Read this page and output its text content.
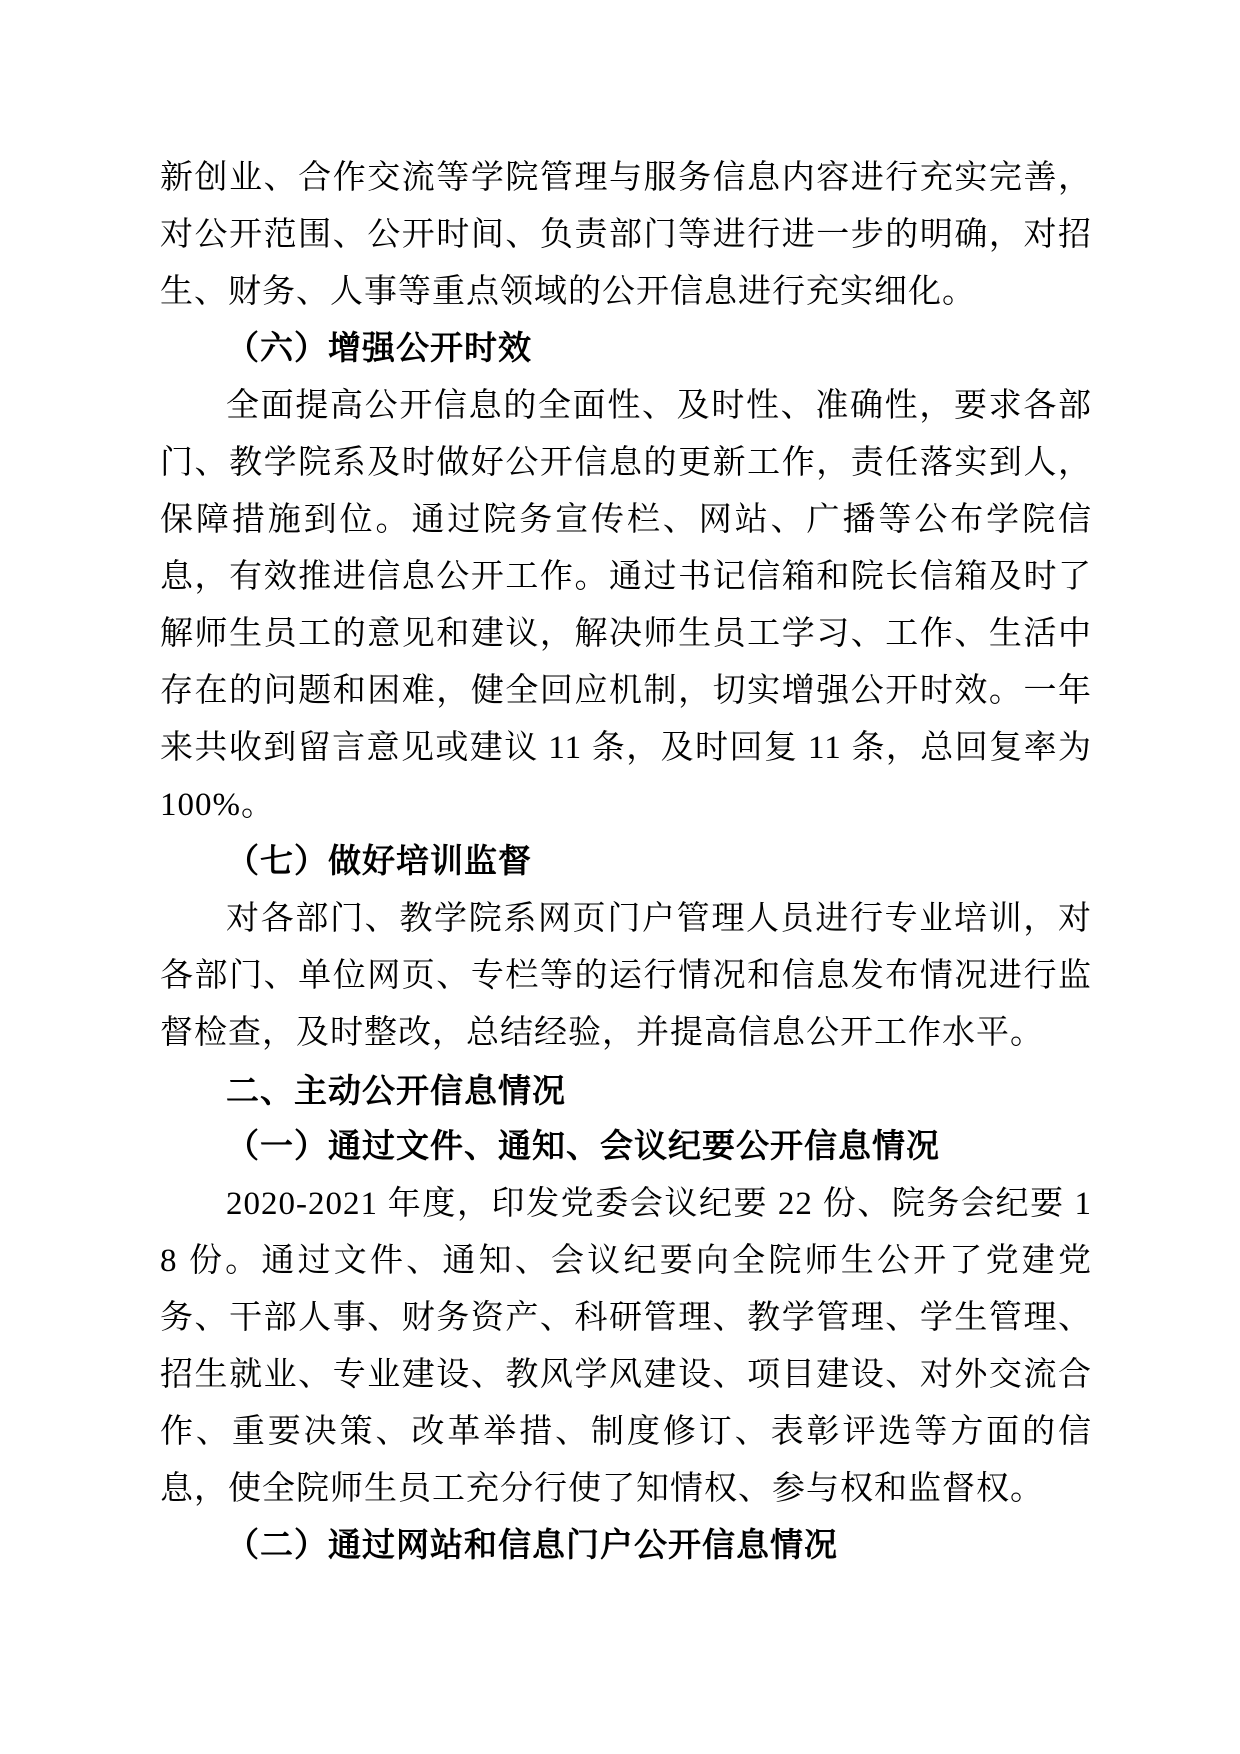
新创业、合作交流等学院管理与服务信息内容进行充实完善，对公开范围、公开时间、负责部门等进行进一步的明确，对招生、财务、人事等重点领域的公开信息进行充实细化。

（六）增强公开时效

全面提高公开信息的全面性、及时性、准确性，要求各部门、教学院系及时做好公开信息的更新工作，责任落实到人，保障措施到位。通过院务宣传栏、网站、广播等公布学院信息，有效推进信息公开工作。通过书记信箱和院长信箱及时了解师生员工的意见和建议，解决师生员工学习、工作、生活中存在的问题和困难，健全回应机制，切实增强公开时效。一年来共收到留言意见或建议 11 条，及时回复 11 条，总回复率为 100%。

（七）做好培训监督

对各部门、教学院系网页门户管理人员进行专业培训，对各部门、单位网页、专栏等的运行情况和信息发布情况进行监督检查，及时整改，总结经验，并提高信息公开工作水平。

二、主动公开信息情况

（一）通过文件、通知、会议纪要公开信息情况

2020-2021 年度，印发党委会议纪要 22 份、院务会纪要 18 份。通过文件、通知、会议纪要向全院师生公开了党建党务、干部人事、财务资产、科研管理、教学管理、学生管理、招生就业、专业建设、教风学风建设、项目建设、对外交流合作、重要决策、改革举措、制度修订、表彰评选等方面的信息，使全院师生员工充分行使了知情权、参与权和监督权。

（二）通过网站和信息门户公开信息情况
